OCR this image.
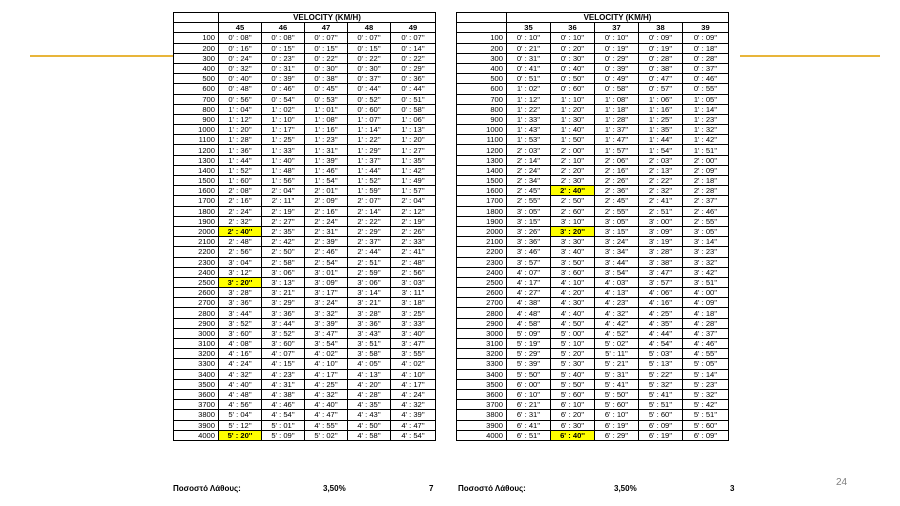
	VELOCITY (KM/H)				
	45	46	47	48	49
100	0' : 08''	0' : 08''	0' : 07''	0' : 07''	0' : 07''
200	0' : 16''	0' : 15''	0' : 15''	0' : 15''	0' : 14''
300	0' : 24''	0' : 23''	0' : 22''	0' : 22''	0' : 22''
400	0' : 32''	0' : 31''	0' : 30''	0' : 30''	0' : 29''
500	0' : 40''	0' : 39''	0' : 38''	0' : 37''	0' : 36''
600	0' : 48''	0' : 46''	0' : 45''	0' : 44''	0' : 44''
700	0' : 56''	0' : 54''	0' : 53''	0' : 52''	0' : 51''
800	1' : 04''	1' : 02''	1' : 01''	0' : 60''	0' : 58''
900	1' : 12''	1' : 10''	1' : 08''	1' : 07''	1' : 06''
1000	1' : 20''	1' : 17''	1' : 16''	1' : 14''	1' : 13''
1100	1' : 28''	1' : 25''	1' : 23''	1' : 22''	1' : 20''
1200	1' : 36''	1' : 33''	1' : 31''	1' : 29''	1' : 27''
1300	1' : 44''	1' : 40''	1' : 39''	1' : 37''	1' : 35''
1400	1' : 52''	1' : 48''	1' : 46''	1' : 44''	1' : 42''
1500	1' : 60''	1' : 56''	1' : 54''	1' : 52''	1' : 49''
1600	2' : 08''	2' : 04''	2' : 01''	1' : 59''	1' : 57''
1700	2' : 16''	2' : 11''	2' : 09''	2' : 07''	2' : 04''
1800	2' : 24''	2' : 19''	2' : 16''	2' : 14''	2' : 12''
1900	2' : 32''	2' : 27''	2' : 24''	2' : 22''	2' : 19''
2000	2' : 40''	2' : 35''	2' : 31''	2' : 29''	2' : 26''
2100	2' : 48''	2' : 42''	2' : 39''	2' : 37''	2' : 33''
2200	2' : 56''	2' : 50''	2' : 46''	2' : 44''	2' : 41''
2300	3' : 04''	2' : 58''	2' : 54''	2' : 51''	2' : 48''
2400	3' : 12''	3' : 06''	3' : 01''	2' : 59''	2' : 56''
2500	3' : 20''	3' : 13''	3' : 09''	3' : 06''	3' : 03''
2600	3' : 28''	3' : 21''	3' : 17''	3' : 14''	3' : 11''
2700	3' : 36''	3' : 29''	3' : 24''	3' : 21''	3' : 18''
2800	3' : 44''	3' : 36''	3' : 32''	3' : 28''	3' : 25''
2900	3' : 52''	3' : 44''	3' : 39''	3' : 36''	3' : 33''
3000	3' : 60''	3' : 52''	3' : 47''	3' : 43''	3' : 40''
3100	4' : 08''	3' : 60''	3' : 54''	3' : 51''	3' : 47''
3200	4' : 16''	4' : 07''	4' : 02''	3' : 58''	3' : 55''
3300	4' : 24''	4' : 15''	4' : 10''	4' : 05''	4' : 02''
3400	4' : 32''	4' : 23''	4' : 17''	4' : 13''	4' : 10''
3500	4' : 40''	4' : 31''	4' : 25''	4' : 20''	4' : 17''
3600	4' : 48''	4' : 38''	4' : 32''	4' : 28''	4' : 24''
3700	4' : 56''	4' : 46''	4' : 40''	4' : 35''	4' : 32''
3800	5' : 04''	4' : 54''	4' : 47''	4' : 43''	4' : 39''
3900	5' : 12''	5' : 01''	4' : 55''	4' : 50''	4' : 47''
4000	5' : 20''	5' : 09''	5' : 02''	4' : 58''	4' : 54''
	VELOCITY (KM/H)				
	35	36	37	38	39
100	0' : 10''	0' : 10''	0' : 10''	0' : 09''	0' : 09''
200	0' : 21''	0' : 20''	0' : 19''	0' : 19''	0' : 18''
300	0' : 31''	0' : 30''	0' : 29''	0' : 28''	0' : 28''
400	0' : 41''	0' : 40''	0' : 39''	0' : 38''	0' : 37''
500	0' : 51''	0' : 50''	0' : 49''	0' : 47''	0' : 46''
600	1' : 02''	0' : 60''	0' : 58''	0' : 57''	0' : 55''
700	1' : 12''	1' : 10''	1' : 08''	1' : 06''	1' : 05''
800	1' : 22''	1' : 20''	1' : 18''	1' : 16''	1' : 14''
900	1' : 33''	1' : 30''	1' : 28''	1' : 25''	1' : 23''
1000	1' : 43''	1' : 40''	1' : 37''	1' : 35''	1' : 32''
1100	1' : 53''	1' : 50''	1' : 47''	1' : 44''	1' : 42''
1200	2' : 03''	2' : 00''	1' : 57''	1' : 54''	1' : 51''
1300	2' : 14''	2' : 10''	2' : 06''	2' : 03''	2' : 00''
1400	2' : 24''	2' : 20''	2' : 16''	2' : 13''	2' : 09''
1500	2' : 34''	2' : 30''	2' : 26''	2' : 22''	2' : 18''
1600	2' : 45''	2' : 40''	2' : 36''	2' : 32''	2' : 28''
1700	2' : 55''	2' : 50''	2' : 45''	2' : 41''	2' : 37''
1800	3' : 05''	2' : 60''	2' : 55''	2' : 51''	2' : 46''
1900	3' : 15''	3' : 10''	3' : 05''	3' : 00''	2' : 55''
2000	3' : 26''	3' : 20''	3' : 15''	3' : 09''	3' : 05''
2100	3' : 36''	3' : 30''	3' : 24''	3' : 19''	3' : 14''
2200	3' : 46''	3' : 40''	3' : 34''	3' : 28''	3' : 23''
2300	3' : 57''	3' : 50''	3' : 44''	3' : 38''	3' : 32''
2400	4' : 07''	3' : 60''	3' : 54''	3' : 47''	3' : 42''
2500	4' : 17''	4' : 10''	4' : 03''	3' : 57''	3' : 51''
2600	4' : 27''	4' : 20''	4' : 13''	4' : 06''	4' : 00''
2700	4' : 38''	4' : 30''	4' : 23''	4' : 16''	4' : 09''
2800	4' : 48''	4' : 40''	4' : 32''	4' : 25''	4' : 18''
2900	4' : 58''	4' : 50''	4' : 42''	4' : 35''	4' : 28''
3000	5' : 09''	5' : 00''	4' : 52''	4' : 44''	4' : 37''
3100	5' : 19''	5' : 10''	5' : 02''	4' : 54''	4' : 46''
3200	5' : 29''	5' : 20''	5' : 11''	5' : 03''	4' : 55''
3300	5' : 39''	5' : 30''	5' : 21''	5' : 13''	5' : 05''
3400	5' : 50''	5' : 40''	5' : 31''	5' : 22''	5' : 14''
3500	6' : 00''	5' : 50''	5' : 41''	5' : 32''	5' : 23''
3600	6' : 10''	5' : 60''	5' : 50''	5' : 41''	5' : 32''
3700	6' : 21''	6' : 10''	5' : 60''	5' : 51''	5' : 42''
3800	6' : 31''	6' : 20''	6' : 10''	5' : 60''	5' : 51''
3900	6' : 41''	6' : 30''	6' : 19''	6' : 09''	5' : 60''
4000	6' : 51''	6' : 40''	6' : 29''	6' : 19''	6' : 09''
Ποσοστό Λάθους:	3,50%	7	Ποσοστό Λάθους:	3,50%	3
24
